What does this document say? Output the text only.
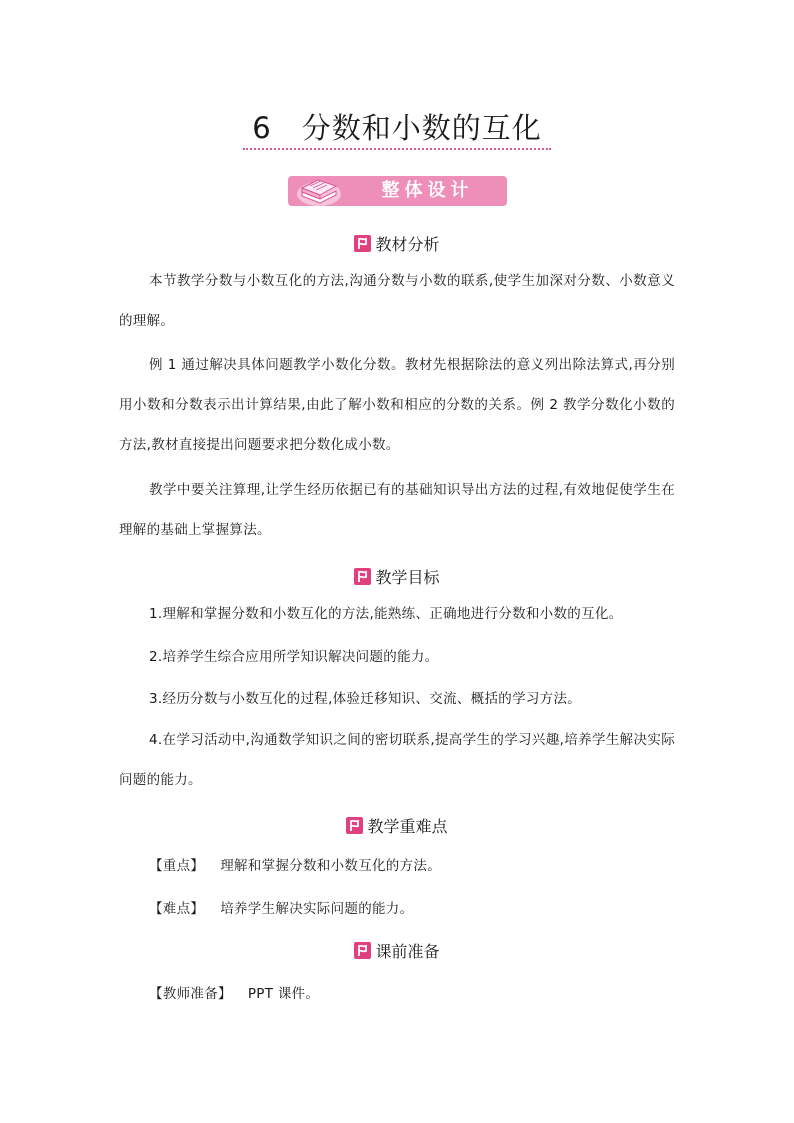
6 分数和小数的互化
整体设计
教材分析

本节教学分数与小数互化的方法,沟通分数与小数的联系,使学生加深对分数、小数意义的理解。

例 1 通过解决具体问题教学小数化分数。教材先根据除法的意义列出除法算式,再分别用小数和分数表示出计算结果,由此了解小数和相应的分数的关系。例 2 教学分数化小数的方法,教材直接提出问题要求把分数化成小数。

教学中要关注算理,让学生经历依据已有的基础知识导出方法的过程,有效地促使学生在理解的基础上掌握算法。

教学目标

1.理解和掌握分数和小数互化的方法,能熟练、正确地进行分数和小数的互化。

2.培养学生综合应用所学知识解决问题的能力。

3.经历分数与小数互化的过程,体验迁移知识、交流、概括的学习方法。

4.在学习活动中,沟通数学知识之间的密切联系,提高学生的学习兴趣,培养学生解决实际问题的能力。

教学重难点
【重点】 理解和掌握分数和小数互化的方法。
【难点】 培养学生解决实际问题的能力。
课前准备
【教师准备】 PPT 课件。
